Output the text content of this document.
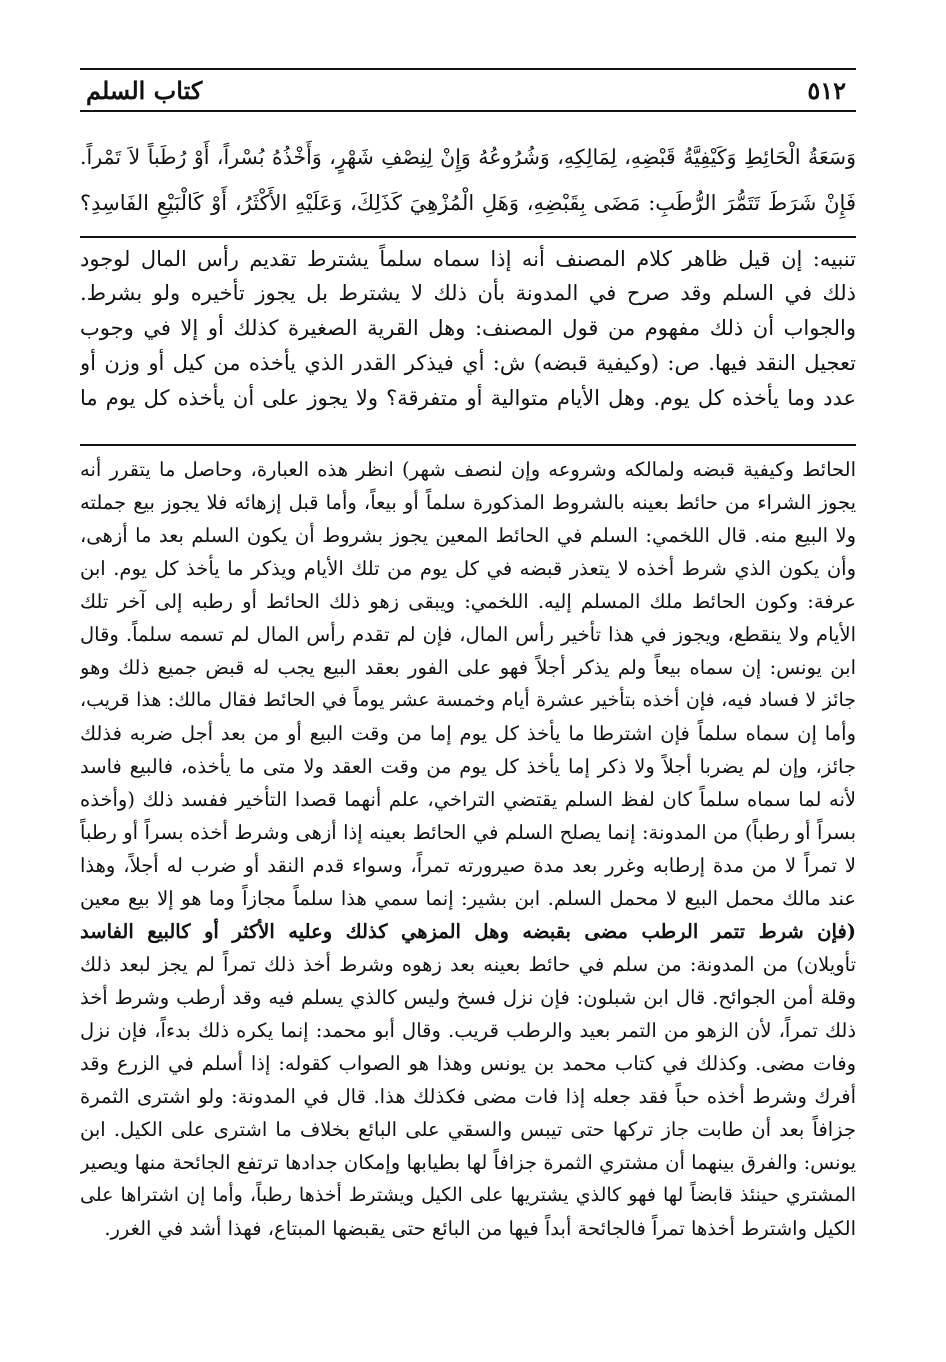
٥١٢
كتاب السلم
وَسَعَةُ الْحَائِطِ وَكَيْفِيَّةُ قَبْضِهِ، لِمَالِكِهِ، وَشُرُوعُهُ وَإِنْ لِنِصْفِ شَهْرٍ، وَأَخْذُهُ بُسْراً، أَوْ رُطَباً لاَ تَمْراً.
فَإِنْ شَرَطَ تَتَمُّرَ الرُّطَبِ: مَضَى بِقَبْضِهِ، وَهَلِ الْمُزْهِيَ كَذَلِكَ، وَعَلَيْهِ الأَكْثَرُ، أَوْ كَالْبَيْعِ الفَاسِدِ؟
تنبيه: إن قيل ظاهر كلام المصنف أنه إذا سماه سلماً يشترط تقديم رأس المال لوجود
ذلك في السلم وقد صرح في المدونة بأن ذلك لا يشترط بل يجوز تأخيره ولو بشرط.
والجواب أن ذلك مفهوم من قول المصنف: وهل القرية الصغيرة كذلك أو إلا في وجوب
تعجيل النقد فيها. ص: (وكيفية قبضه) ش: أي فيذكر القدر الذي يأخذه من كيل أو وزن أو
عدد وما يأخذه كل يوم. وهل الأيام متوالية أو متفرقة؟ ولا يجوز على أن يأخذه كل يوم ما
الحائط وكيفية قبضه ولمالكه وشروعه وإن لنصف شهر) انظر هذه العبارة، وحاصل ما يتقرر أنه
يجوز الشراء من حائط بعينه بالشروط المذكورة سلماً أو بيعاً، وأما قبل إزهائه فلا يجوز بيع جملته
ولا البيع منه. قال اللخمي: السلم في الحائط المعين يجوز بشروط أن يكون السلم بعد ما أزهى،
وأن يكون الذي شرط أخذه لا يتعذر قبضه في كل يوم من تلك الأيام ويذكر ما يأخذ كل يوم. ابن
عرفة: وكون الحائط ملك المسلم إليه. اللخمي: ويبقى زهو ذلك الحائط أو رطبه إلى آخر تلك
الأيام ولا ينقطع، ويجوز في هذا تأخير رأس المال، فإن لم تقدم رأس المال لم تسمه سلماً. وقال
ابن يونس: إن سماه بيعاً ولم يذكر أجلاً فهو على الفور بعقد البيع يجب له قبض جميع ذلك وهو
جائز لا فساد فيه، فإن أخذه بتأخير عشرة أيام وخمسة عشر يوماً في الحائط فقال مالك: هذا قريب،
وأما إن سماه سلماً فإن اشترطا ما يأخذ كل يوم إما من وقت البيع أو من بعد أجل ضربه فذلك
جائز، وإن لم يضربا أجلاً ولا ذكر إما يأخذ كل يوم من وقت العقد ولا متى ما يأخذه، فالبيع فاسد
لأنه لما سماه سلماً كان لفظ السلم يقتضي التراخي، علم أنهما قصدا التأخير ففسد ذلك (وأخذه
بسراً أو رطباً) من المدونة: إنما يصلح السلم في الحائط بعينه إذا أزهى وشرط أخذه بسراً أو رطباً
لا تمراً لا من مدة إرطابه وغرر بعد مدة صيرورته تمراً، وسواء قدم النقد أو ضرب له أجلاً، وهذا
عند مالك محمل البيع لا محمل السلم. ابن بشير: إنما سمي هذا سلماً مجازاً وما هو إلا بيع معين
(فإن شرط تتمر الرطب مضى بقبضه وهل المزهي كذلك وعليه الأكثر أو كالبيع الفاسد
تأويلان) من المدونة: من سلم في حائط بعينه بعد زهوه وشرط أخذ ذلك تمراً لم يجز لبعد ذلك
وقلة أمن الجوائح. قال ابن شبلون: فإن نزل فسخ وليس كالذي يسلم فيه وقد أرطب وشرط أخذ
ذلك تمراً، لأن الزهو من التمر بعيد والرطب قريب. وقال أبو محمد: إنما يكره ذلك بدءاً، فإن نزل
وفات مضى. وكذلك في كتاب محمد بن يونس وهذا هو الصواب كقوله: إذا أسلم في الزرع وقد
أفرك وشرط أخذه حباً فقد جعله إذا فات مضى فكذلك هذا. قال في المدونة: ولو اشترى الثمرة
جزافاً بعد أن طابت جاز تركها حتى تيبس والسقي على البائع بخلاف ما اشترى على الكيل. ابن
يونس: والفرق بينهما أن مشتري الثمرة جزافاً لها بطيابها وإمكان جدادها ترتفع الجائحة منها ويصير
المشتري حينئذ قابضاً لها فهو كالذي يشتريها على الكيل ويشترط أخذها رطباً، وأما إن اشتراها على
الكيل واشترط أخذها تمراً فالجائحة أبداً فيها من البائع حتى يقبضها المبتاع، فهذا أشد في الغرر.
